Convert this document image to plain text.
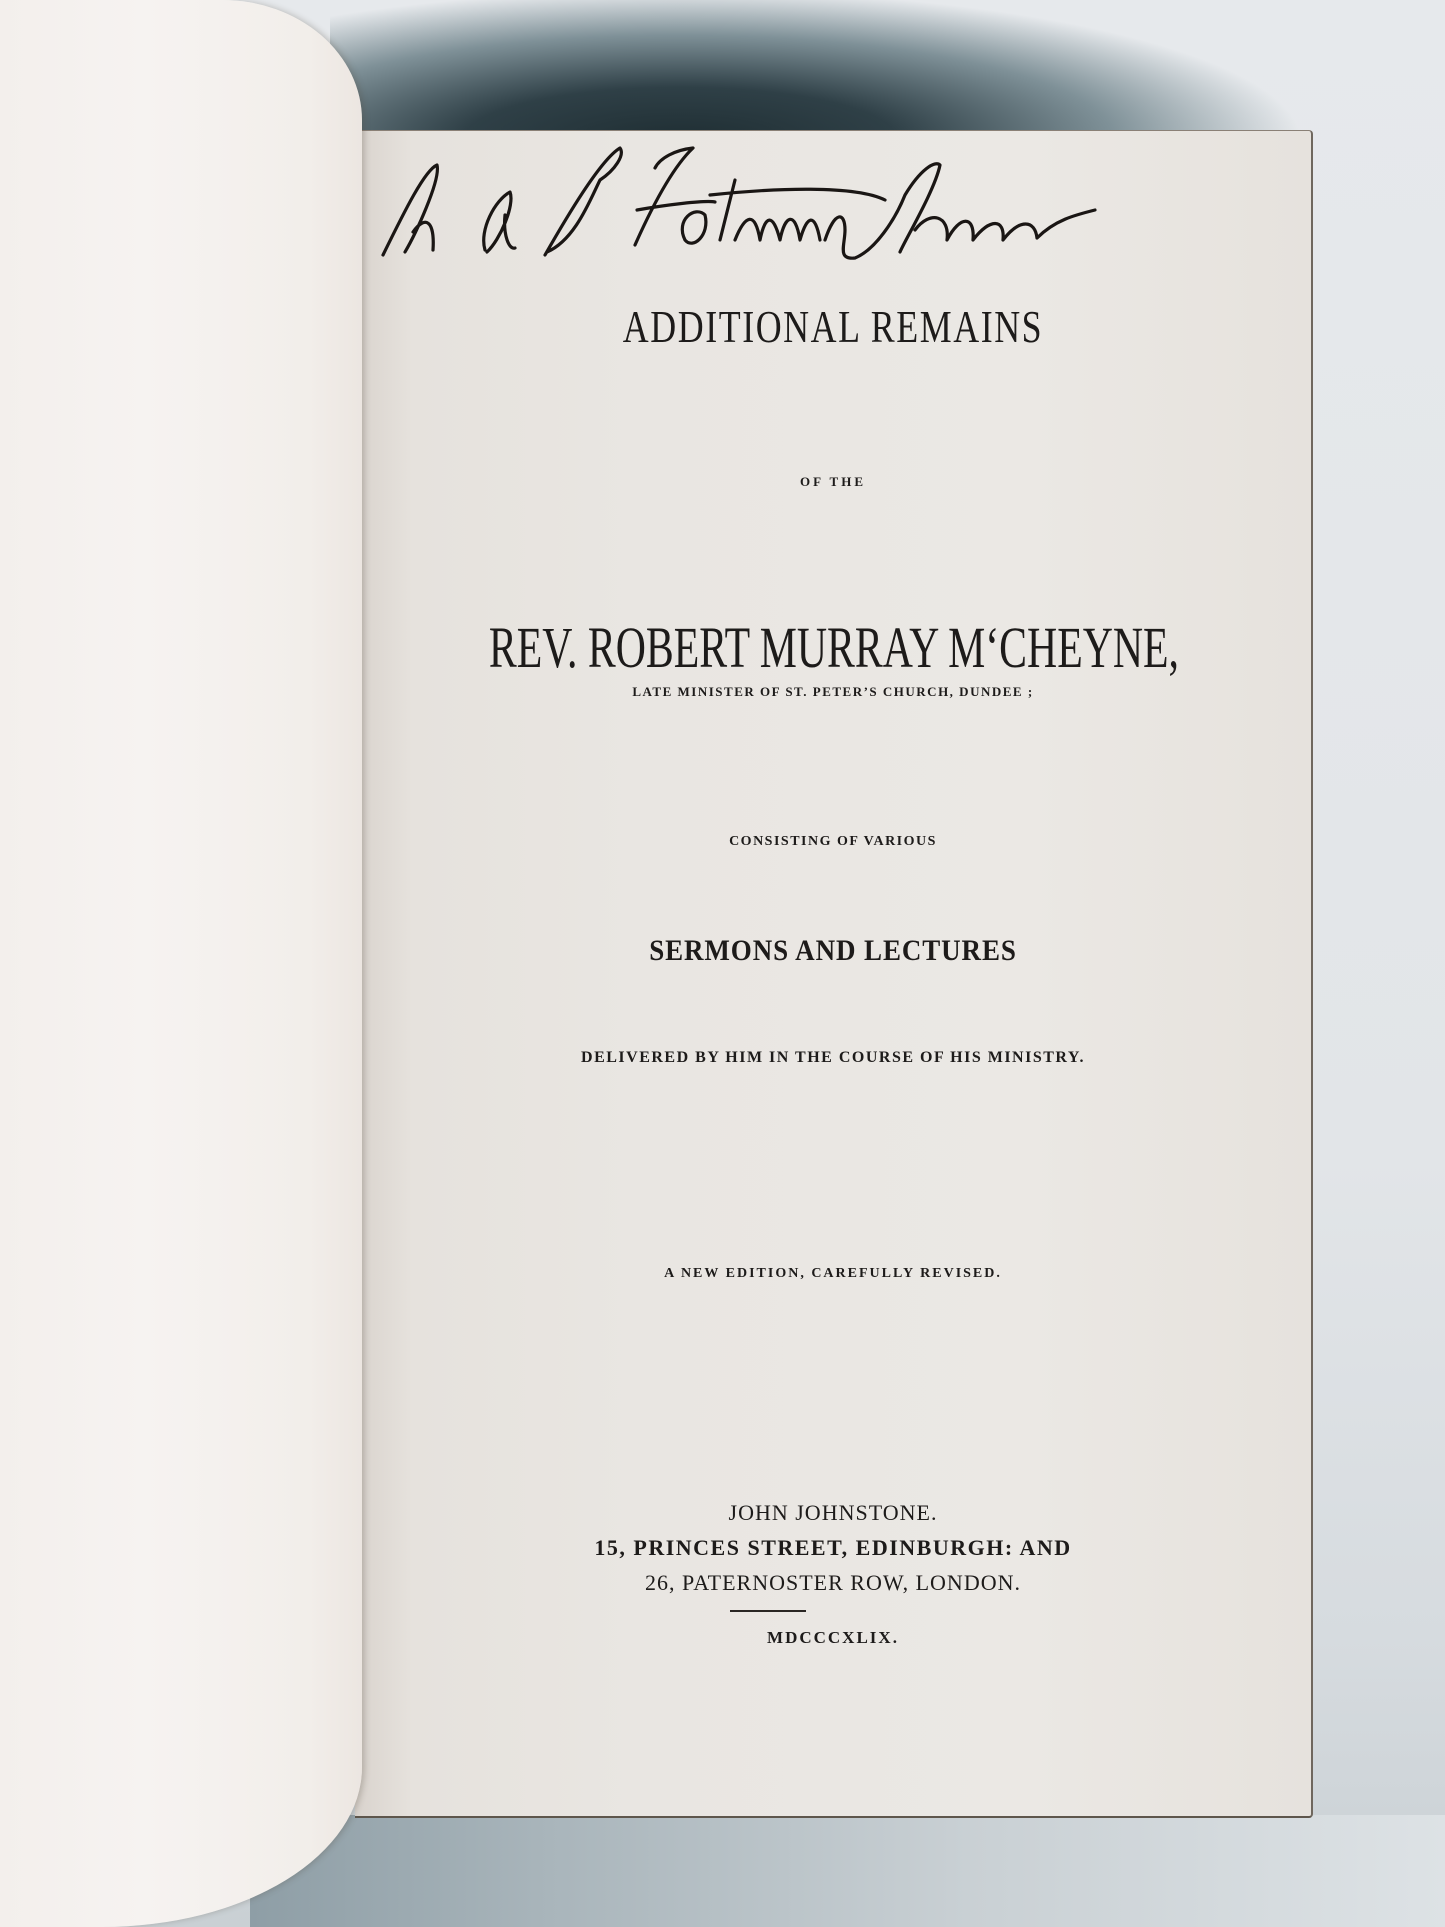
ADDITIONAL REMAINS
OF THE
REV. ROBERT MURRAY M‘CHEYNE,
LATE MINISTER OF ST. PETER’S CHURCH, DUNDEE ;
CONSISTING OF VARIOUS
SERMONS AND LECTURES
DELIVERED BY HIM IN THE COURSE OF HIS MINISTRY.
A NEW EDITION, CAREFULLY REVISED.
JOHN JOHNSTONE.
15, PRINCES STREET, EDINBURGH: AND
26, PATERNOSTER ROW, LONDON.
MDCCCXLIX.
